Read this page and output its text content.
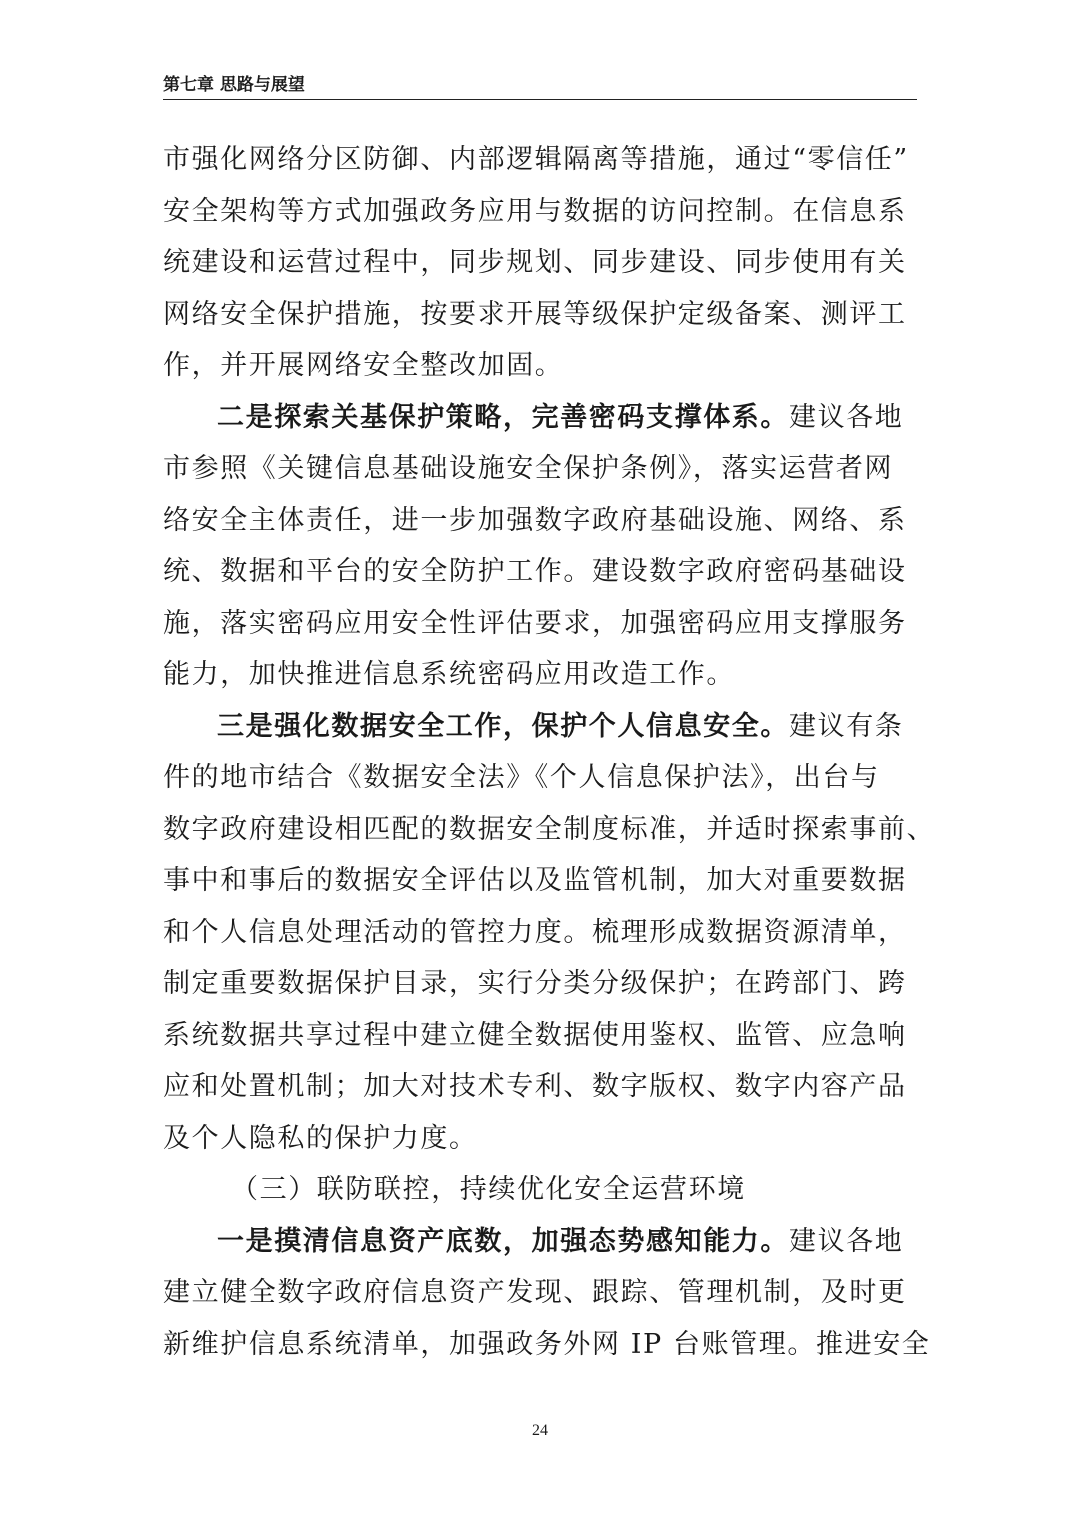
第七章 思路与展望
市强化网络分区防御、内部逻辑隔离等措施，通过“零信任”
安全架构等方式加强政务应用与数据的访问控制。在信息系
统建设和运营过程中，同步规划、同步建设、同步使用有关
网络安全保护措施，按要求开展等级保护定级备案、测评工
作，并开展网络安全整改加固。
二是探索关基保护策略，完善密码支撑体系。建议各地
市参照《关键信息基础设施安全保护条例》，落实运营者网
络安全主体责任，进一步加强数字政府基础设施、网络、系
统、数据和平台的安全防护工作。建设数字政府密码基础设
施，落实密码应用安全性评估要求，加强密码应用支撑服务
能力，加快推进信息系统密码应用改造工作。
三是强化数据安全工作，保护个人信息安全。建议有条
件的地市结合《数据安全法》《个人信息保护法》，出台与
数字政府建设相匹配的数据安全制度标准，并适时探索事前、
事中和事后的数据安全评估以及监管机制，加大对重要数据
和个人信息处理活动的管控力度。梳理形成数据资源清单，
制定重要数据保护目录，实行分类分级保护；在跨部门、跨
系统数据共享过程中建立健全数据使用鉴权、监管、应急响
应和处置机制；加大对技术专利、数字版权、数字内容产品
及个人隐私的保护力度。
（三）联防联控，持续优化安全运营环境
一是摸清信息资产底数，加强态势感知能力。建议各地
建立健全数字政府信息资产发现、跟踪、管理机制，及时更
新维护信息系统清单，加强政务外网 IP 台账管理。推进安全
24
